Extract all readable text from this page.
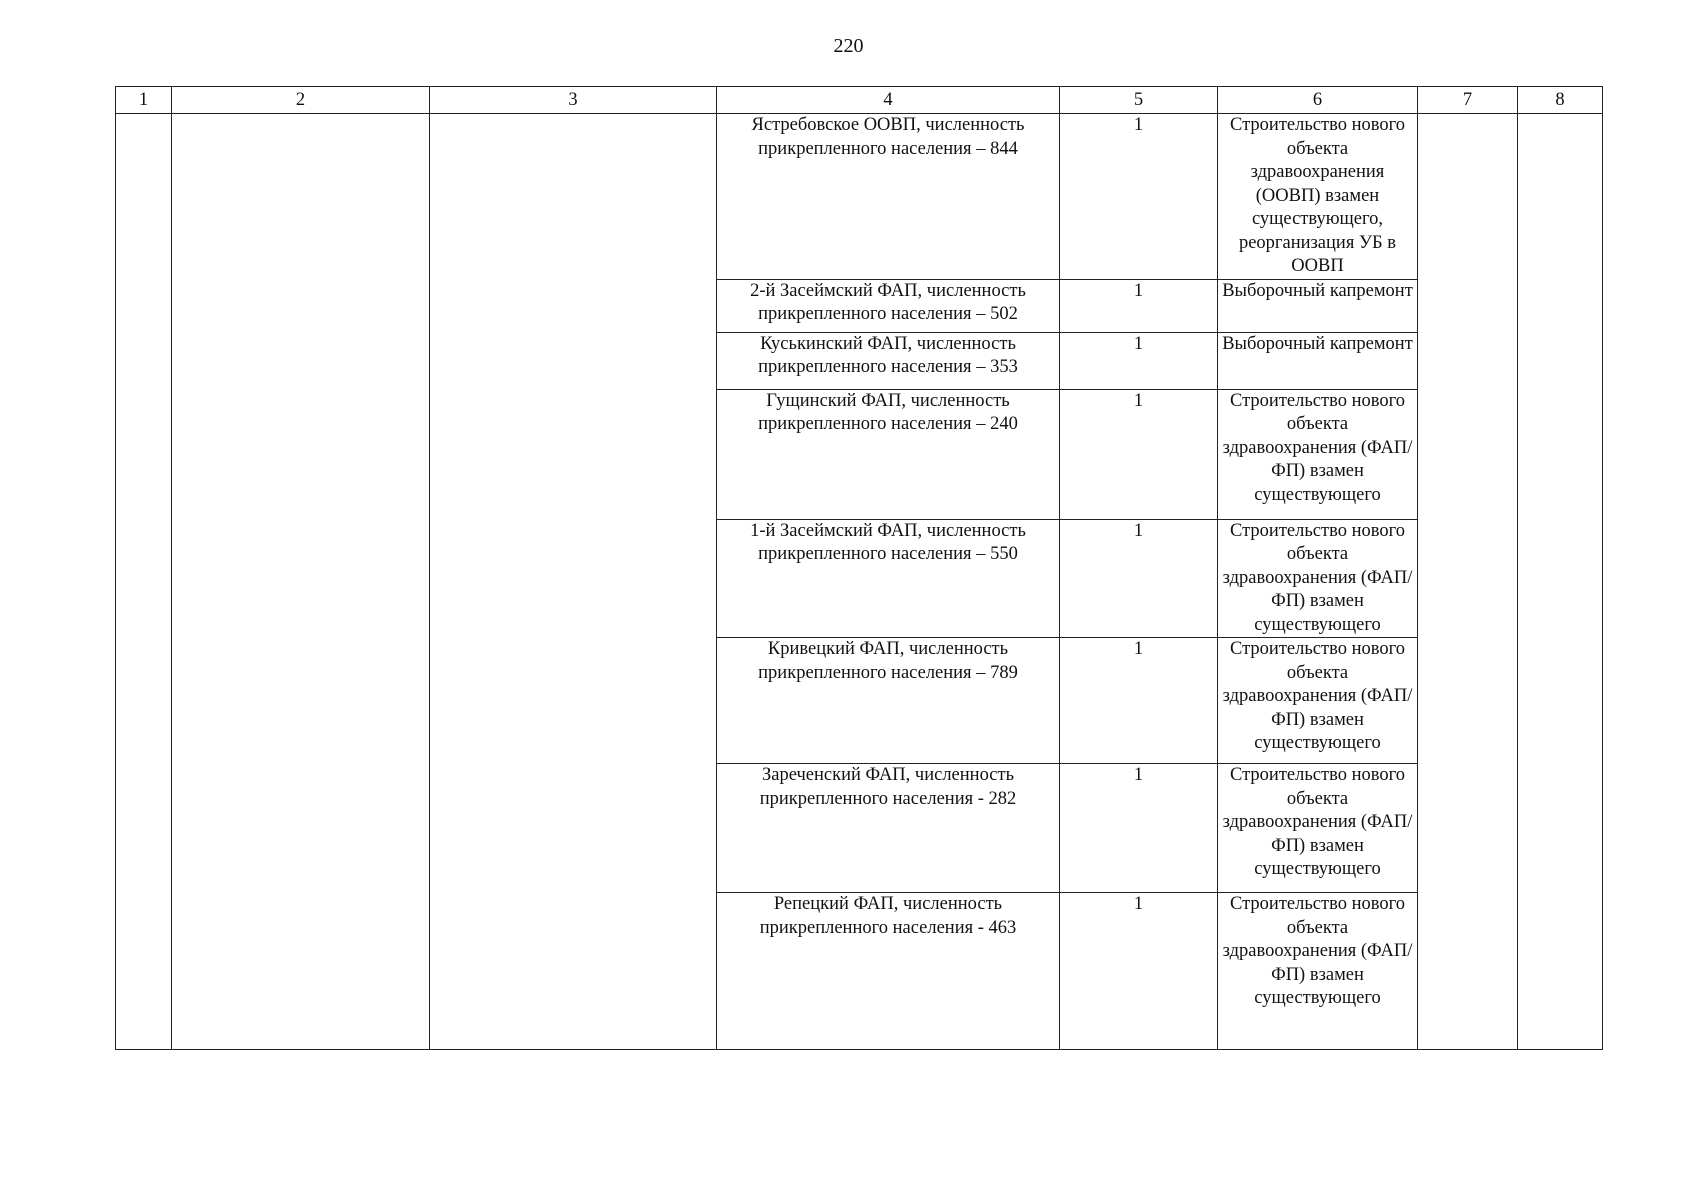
220
1	2	3	4	5	6	7	8
			Ястребовское ООВП, численность прикрепленного населения – 844	1	Строительство нового объекта здравоохранения (ООВП) взамен существующего, реорганизация УБ в ООВП		
			2-й Засеймский ФАП, численность прикрепленного населения – 502	1	Выборочный капремонт		
			Куськинский ФАП, численность прикрепленного населения – 353	1	Выборочный капремонт		
			Гущинский ФАП, численность прикрепленного населения – 240	1	Строительство нового объекта здравоохранения (ФАП/ФП) взамен существующего		
			1-й Засеймский ФАП, численность прикрепленного населения – 550	1	Строительство нового объекта здравоохранения (ФАП/ФП) взамен существующего		
			Кривецкий ФАП, численность прикрепленного населения – 789	1	Строительство нового объекта здравоохранения (ФАП/ФП) взамен существующего		
			Зареченский ФАП, численность прикрепленного населения - 282	1	Строительство нового объекта здравоохранения (ФАП/ФП) взамен существующего		
			Репецкий ФАП, численность прикрепленного населения - 463	1	Строительство нового объекта здравоохранения (ФАП/ФП) взамен существующего		
